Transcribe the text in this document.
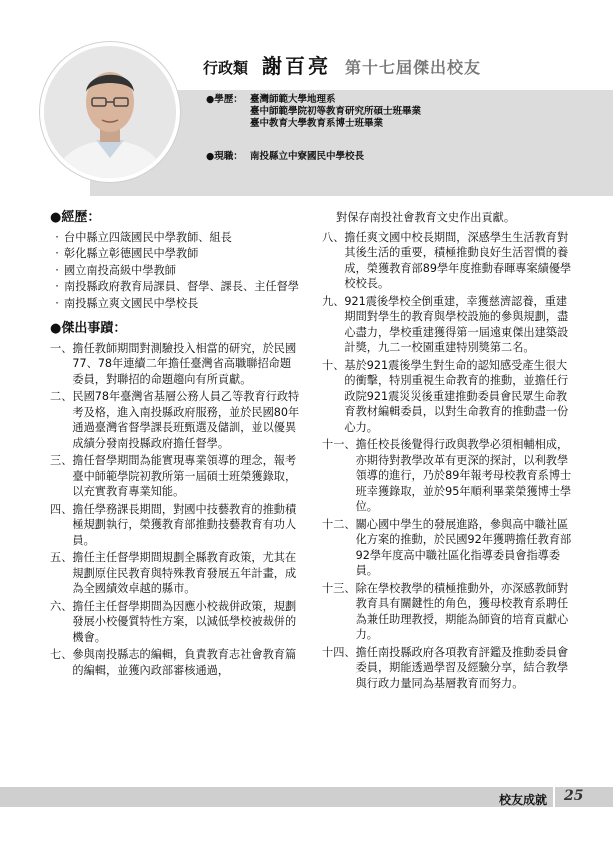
行政類 謝百亮 第十七屆傑出校友
●學歷： 臺灣師範大學地理系
臺中師範學院初等教育研究所碩士班畢業
臺中教育大學教育系博士班畢業
●現職： 南投縣立中寮國民中學校長
●經歷：
· 台中縣立四箴國民中學教師、組長
· 彰化縣立彰德國民中學教師
· 國立南投高級中學教師
· 南投縣政府教育局課員、督學、課長、主任督學
· 南投縣立爽文國民中學校長
●傑出事蹟：
一、 擔任教師期間對測驗投入相當的研究，於民國77、78年連續二年擔任臺灣省高職聯招命題委員，對聯招的命題趨向有所貢獻。
二、 民國78年臺灣省基層公務人員乙等教育行政特考及格，進入南投縣政府服務，並於民國80年通過臺灣省督學課長班甄選及儲訓，並以優異成績分發南投縣政府擔任督學。
三、 擔任督學期間為能實現專業領導的理念，報考臺中師範學院初教所第一屆碩士班榮獲錄取，以充實教育專業知能。
四、 擔任學務課長期間，對國中技藝教育的推動積極規劃執行，榮獲教育部推動技藝教育有功人員。
五、 擔任主任督學期間規劃全縣教育政策，尤其在規劃原住民教育與特殊教育發展五年計畫，成為全國績效卓越的縣市。
六、 擔任主任督學期間為因應小校裁併政策，規劃發展小校優質特性方案，以減低學校被裁併的機會。
七、 參與南投縣志的編輯，負責教育志社會教育篇的編輯，並獲內政部審核通過，
對保存南投社會教育文史作出貢獻。
八、 擔任爽文國中校長期間，深感學生生活教育對其後生活的重要，積極推動良好生活習慣的養成，榮獲教育部89學年度推動春暉專案績優學校校長。
九、 921震後學校全倒重建，幸獲慈濟認養，重建期間對學生的教育與學校設施的參與規劃，盡心盡力，學校重建獲得第一屆遠東傑出建築設計獎，九二一校園重建特別獎第二名。
十、 基於921震後學生對生命的認知感受產生很大的衝擊，特別重視生命教育的推動，並擔任行政院921震災災後重建推動委員會民眾生命教育教材編輯委員，以對生命教育的推動盡一份心力。
十一、 擔任校長後覺得行政與教學必須相輔相成，亦期待對教學改革有更深的探討，以利教學領導的進行，乃於89年報考母校教育系博士班幸獲錄取，並於95年順利畢業榮獲博士學位。
十二、 關心國中學生的發展進路，參與高中職社區化方案的推動，於民國92年獲聘擔任教育部92學年度高中職社區化指導委員會指導委員。
十三、 除在學校教學的積極推動外，亦深感教師對教育具有關鍵性的角色，獲母校教育系聘任為兼任助理教授，期能為師資的培育貢獻心力。
十四、 擔任南投縣政府各項教育評鑑及推動委員會委員，期能透過學習及經驗分享，結合教學與行政力量同為基層教育而努力。
校友成就 25
